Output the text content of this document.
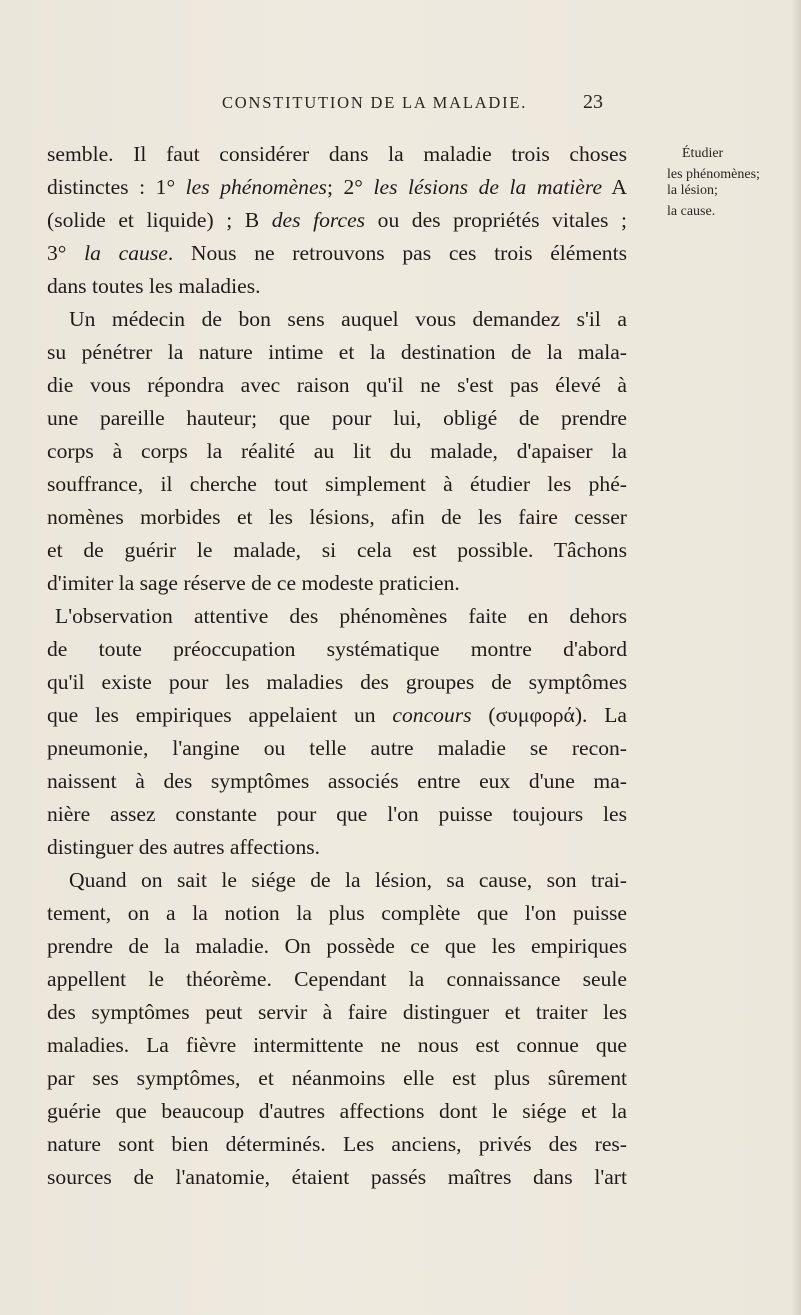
CONSTITUTION DE LA MALADIE.	23
Étudier
les phénomènes;
la lésion;
la cause.
semble. Il faut considérer dans la maladie trois choses
distinctes : 1° les phénomènes; 2° les lésions de la matière A
(solide et liquide) ; B des forces ou des propriétés vitales ;
3° la cause. Nous ne retrouvons pas ces trois éléments
dans toutes les maladies.
Un médecin de bon sens auquel vous demandez s'il a
su pénétrer la nature intime et la destination de la mala-
die vous répondra avec raison qu'il ne s'est pas élevé à
une pareille hauteur; que pour lui, obligé de prendre
corps à corps la réalité au lit du malade, d'apaiser la
souffrance, il cherche tout simplement à étudier les phé-
nomènes morbides et les lésions, afin de les faire cesser
et de guérir le malade, si cela est possible. Tâchons
d'imiter la sage réserve de ce modeste praticien.
L'observation attentive des phénomènes faite en dehors
de toute préoccupation systématique montre d'abord
qu'il existe pour les maladies des groupes de symptômes
que les empiriques appelaient un concours (συμφορά). La
pneumonie, l'angine ou telle autre maladie se recon-
naissent à des symptômes associés entre eux d'une ma-
nière assez constante pour que l'on puisse toujours les
distinguer des autres affections.
Quand on sait le siége de la lésion, sa cause, son trai-
tement, on a la notion la plus complète que l'on puisse
prendre de la maladie. On possède ce que les empiriques
appellent le théorème. Cependant la connaissance seule
des symptômes peut servir à faire distinguer et traiter les
maladies. La fièvre intermittente ne nous est connue que
par ses symptômes, et néanmoins elle est plus sûrement
guérie que beaucoup d'autres affections dont le siége et la
nature sont bien déterminés. Les anciens, privés des res-
sources de l'anatomie, étaient passés maîtres dans l'art
